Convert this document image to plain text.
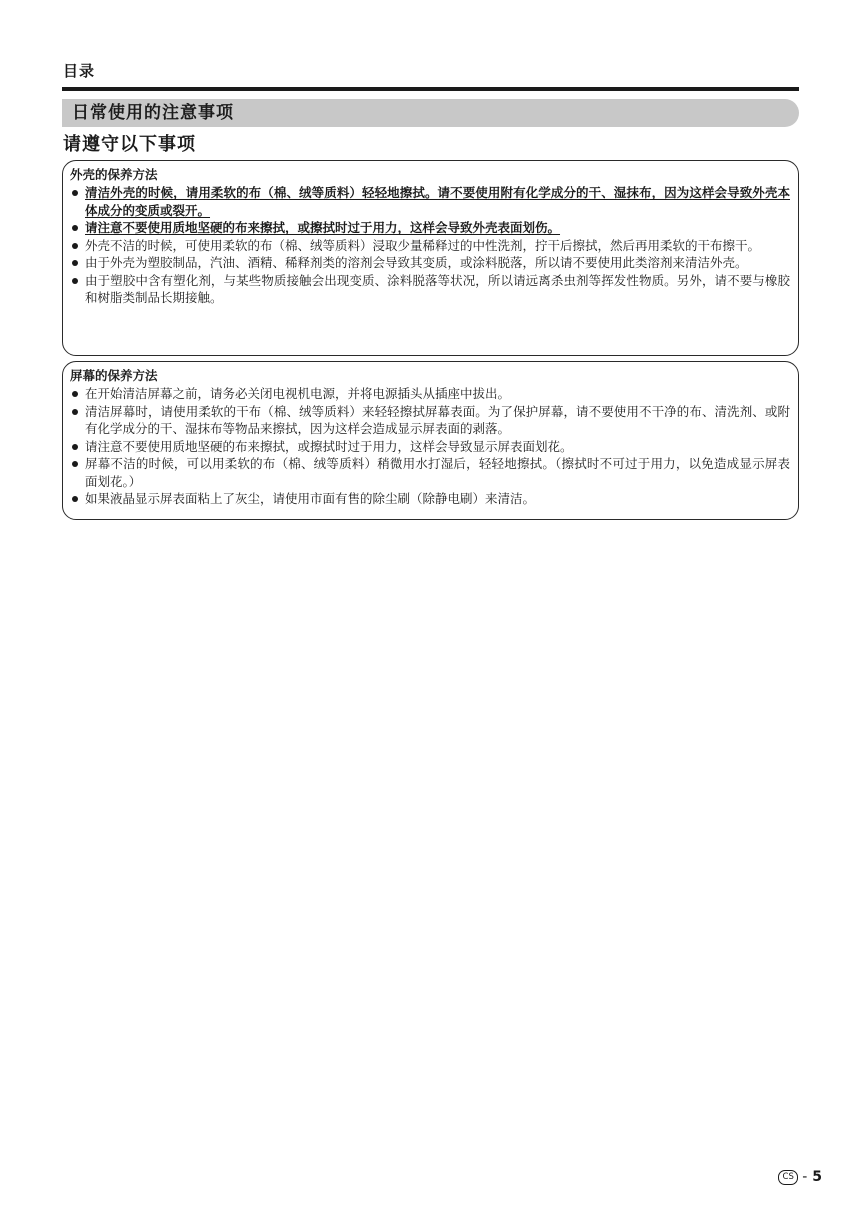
目录
日常使用的注意事项
请遵守以下事项
外壳的保养方法
清洁外壳的时候，请用柔软的布（棉、绒等质料）轻轻地擦拭。请不要使用附有化学成分的干、湿抹布，因为这样会导致外壳本体成分的变质或裂开。
请注意不要使用质地坚硬的布来擦拭，或擦拭时过于用力，这样会导致外壳表面划伤。
外壳不洁的时候，可使用柔软的布（棉、绒等质料）浸取少量稀释过的中性洗剂，拧干后擦拭，然后再用柔软的干布擦干。
由于外壳为塑胶制品，汽油、酒精、稀释剂类的溶剂会导致其变质，或涂料脱落，所以请不要使用此类溶剂来清洁外壳。
由于塑胶中含有塑化剂，与某些物质接触会出现变质、涂料脱落等状况，所以请远离杀虫剂等挥发性物质。另外，请不要与橡胶和树脂类制品长期接触。
屏幕的保养方法
在开始清洁屏幕之前，请务必关闭电视机电源，并将电源插头从插座中拔出。
清洁屏幕时，请使用柔软的干布（棉、绒等质料）来轻轻擦拭屏幕表面。为了保护屏幕，请不要使用不干净的布、清洗剂、或附有化学成分的干、湿抹布等物品来擦拭，因为这样会造成显示屏表面的剥落。
请注意不要使用质地坚硬的布来擦拭，或擦拭时过于用力，这样会导致显示屏表面划花。
屏幕不洁的时候，可以用柔软的布（棉、绒等质料）稍微用水打湿后，轻轻地擦拭。（擦拭时不可过于用力，以免造成显示屏表面划花。）
如果液晶显示屏表面粘上了灰尘，请使用市面有售的除尘刷（除静电刷）来清洁。
CS - 5
